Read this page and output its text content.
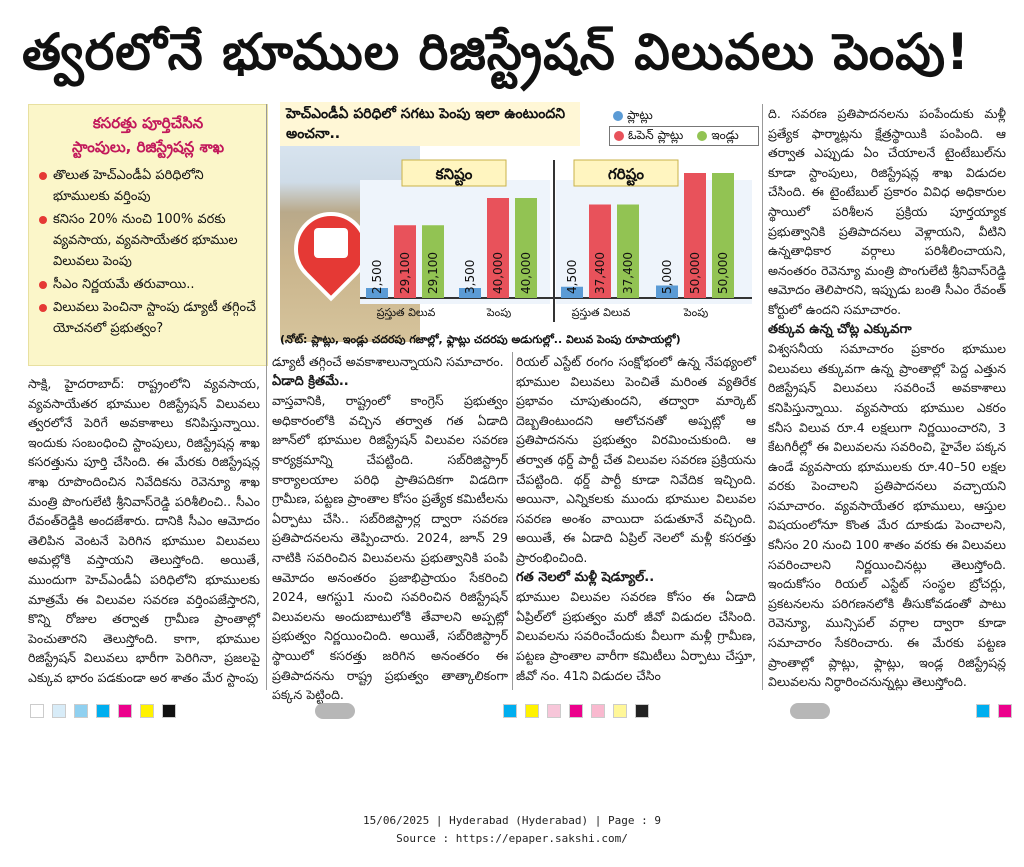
త్వరలోనే భూముల రిజిస్ట్రేషన్ విలువలు పెంపు!
కసరత్తు పూర్తిచేసిన
స్టాంపులు, రిజిస్ట్రేషన్ల శాఖ
తొలుత హెచ్ఎండీఏ పరిధిలోని భూములకు వర్తింపు
కనిసం 20% నుంచి 100% వరకు వ్యవసాయ, వ్యవసాయేతర భూముల విలువలు పెంపు
సీఎం నిర్ణయమే తరువాయి..
విలువలు పెంచినా స్టాంపు డ్యూటీ తగ్గించే యోచనలో ప్రభుత్వం?
హెచ్ఎండీఏ పరిధిలో సగటు పెంపు ఇలా ఉంటుందని అంచనా..
కనిష్టం	గరిష్టం
2,500 29,100 29,100
ప్రస్తుత విలువ
3,500 40,000 40,000
పెంపు
4,500 37,400 37,400
ప్రస్తుత విలువ
5,000 50,000 50,000
పెంపు
ప్లాట్లు
ఓపెన్ ప్లాట్లు ఇండ్లు
(నోట్: ప్లాట్లు, ఇండ్లు చదరపు గజాల్లో, ఫ్లాట్లు చదరపు అడుగుల్లో.. విలువ పెంపు రూపాయల్లో)

సాక్షి, హైదరాబాద్: రాష్ట్రంలోని వ్యవసాయ, వ్యవసాయేతర భూముల రిజిస్ట్రేషన్ విలువలు త్వరలోనే పెరిగే అవకాశాలు కనిపిస్తున్నాయి. ఇందుకు సంబంధించి స్టాంపులు, రిజిస్ట్రేషన్ల శాఖ కసరత్తును పూర్తి చేసింది. ఈ మేరకు రిజిస్ట్రేషన్ల శాఖ రూపొందించిన నివేదికను రెవెన్యూ శాఖ మంత్రి పొంగులేటి శ్రీనివాస్‌రెడ్డి పరిశీలించి.. సీఎం రేవంత్‌రెడ్డికి అందజేశారు. దానికి సీఎం ఆమోదం తెలిపిన వెంటనే పెరిగిన భూముల విలువలు అమల్లోకి వస్తాయని తెలుస్తోంది. అయితే, ముందుగా హెచ్ఎండీఏ పరిధిలోని భూములకు మాత్రమే ఈ విలువల సవరణ వర్తింపజేస్తారని, కొన్ని రోజుల తర్వాత గ్రామీణ ప్రాంతాల్లో పెంచుతారని తెలుస్తోంది. కాగా, భూముల రిజిస్ట్రేషన్ విలువలు భారీగా పెరిగినా, ప్రజలపై ఎక్కువ భారం పడకుండా అర శాతం మేర స్టాంపు

డ్యూటీ తగ్గించే అవకాశాలున్నాయని సమాచారం.

ఏడాది క్రితమే..

వాస్తవానికి, రాష్ట్రంలో కాంగ్రెస్ ప్రభుత్వం అధికారంలోకి వచ్చిన తర్వాత గత ఏడాది జూన్‌లో భూముల రిజిస్ట్రేషన్ విలువల సవరణ కార్యక్రమాన్ని చేపట్టింది. సబ్‌రిజిస్ట్రార్ కార్యాలయాల పరిధి ప్రాతిపదికగా విడదిగా గ్రామీణ, పట్టణ ప్రాంతాల కోసం ప్రత్యేక కమిటీలను ఏర్పాటు చేసి.. సబ్‌రిజిస్ట్రార్ల ద్వారా సవరణ ప్రతిపాదనలను తెప్పించారు. 2024, జూన్ 29 నాటికి సవరించిన విలువలను ప్రభుత్వానికి పంపి ఆమోదం అనంతరం ప్రజాభిప్రాయం సేకరించి 2024, ఆగస్టు1 నుంచి సవరించిన రిజిస్ట్రేషన్ విలువలను అందుబాటులోకి తేవాలని అప్పట్లో ప్రభుత్వం నిర్ణయించింది. అయితే, సబ్‌రిజిస్ట్రార్ స్థాయిలో కసరత్తు జరిగిన అనంతరం ఈ ప్రతిపాదనను రాష్ట్ర ప్రభుత్వం తాత్కాలికంగా పక్కన పెట్టింది.

రియల్ ఎస్టేట్ రంగం సంక్షోభంలో ఉన్న నేపథ్యంలో భూముల విలువలు పెంచితే మరింత వ్యతిరేక ప్రభావం చూపుతుందని, తద్వారా మార్కెట్ దెబ్బతింటుందని ఆలోచనతో అప్పట్లో ఆ ప్రతిపాదనను ప్రభుత్వం విరమించుకుంది. ఆ తర్వాత థర్డ్ పార్టీ చేత విలువల సవరణ ప్రక్రియను చేపట్టింది. థర్డ్ పార్టీ కూడా నివేదిక ఇచ్చింది. అయినా, ఎన్నికలకు ముందు భూముల విలువల సవరణ అంశం వాయిదా పడుతూనే వచ్చింది. అయితే, ఈ ఏడాది ఏప్రిల్ నెలలో మళ్లీ కసరత్తు ప్రారంభించింది.

గత నెలలో మళ్లీ షెడ్యూల్..

భూముల విలువల సవరణ కోసం ఈ ఏడాది ఏప్రిల్‌లో ప్రభుత్వం మరో జీవో విడుదల చేసింది. విలువలను సవరించేందుకు వీలుగా మళ్లీ గ్రామీణ, పట్టణ ప్రాంతాల వారీగా కమిటీలు ఏర్పాటు చేస్తూ, జీవో నం. 41ని విడుదల చేసిం

ది. సవరణ ప్రతిపాదనలను పంపేందుకు మళ్లీ ప్రత్యేక ఫార్మాట్లను క్షేత్రస్థాయికి పంపింది. ఆ తర్వాత ఎప్పుడు ఏం చేయాలనే టైంటేబుల్‌ను కూడా స్టాంపులు, రిజిస్ట్రేషన్ల శాఖ విడుదల చేసింది. ఈ టైంటేబుల్ ప్రకారం వివిధ అధికారుల స్థాయిలో పరిశీలన ప్రక్రియ పూర్తయ్యాక ప్రభుత్వానికి ప్రతిపాదనలు వెళ్లాయని, వీటిని ఉన్నతాధికార వర్గాలు పరిశీలించాయని, అనంతరం రెవెన్యూ మంత్రి పొంగులేటి శ్రీనివాస్‌రెడ్డి ఆమోదం తెలిపారని, ఇప్పుడు బంతి సీఎం రేవంత్ కోర్టులో ఉందని సమాచారం.

తక్కువ ఉన్న చోట్ల ఎక్కువగా

విశ్వసనీయ సమాచారం ప్రకారం భూముల విలువలు తక్కువగా ఉన్న ప్రాంతాల్లో పెద్ద ఎత్తున రిజిస్ట్రేషన్ విలువలు సవరించే అవకాశాలు కనిపిస్తున్నాయి. వ్యవసాయ భూముల ఎకరం కనీస విలువ రూ.4 లక్షలుగా నిర్ణయించారని, 3 కేటగిరీల్లో ఈ విలువలను సవరించి, హైవేల పక్కన ఉండే వ్యవసాయ భూములకు రూ.40–50 లక్షల వరకు పెంచాలని ప్రతిపాదనలు వచ్చాయని సమాచారం. వ్యవసాయేతర భూములు, ఆస్తుల విషయంలోనూ కొంత మేర దూకుడు పెంచాలని, కనీసం 20 నుంచి 100 శాతం వరకు ఈ విలువలు సవరించాలని నిర్ణయించినట్లు తెలుస్తోంది. ఇందుకోసం రియల్ ఎస్టేట్ సంస్థల బ్రోచర్లు, ప్రకటనలను పరిగణనలోకి తీసుకోవడంతో పాటు రెవెన్యూ, మున్సిపల్ వర్గాల ద్వారా కూడా సమాచారం సేకరించారు. ఈ మేరకు పట్టణ ప్రాంతాల్లో ప్లాట్లు, ఫ్లాట్లు, ఇండ్ల రిజిస్ట్రేషన్ల విలువలను నిర్ధారించనున్నట్లు తెలుస్తోంది.

15/06/2025 | Hyderabad (Hyderabad) | Page : 9
Source : https://epaper.sakshi.com/
